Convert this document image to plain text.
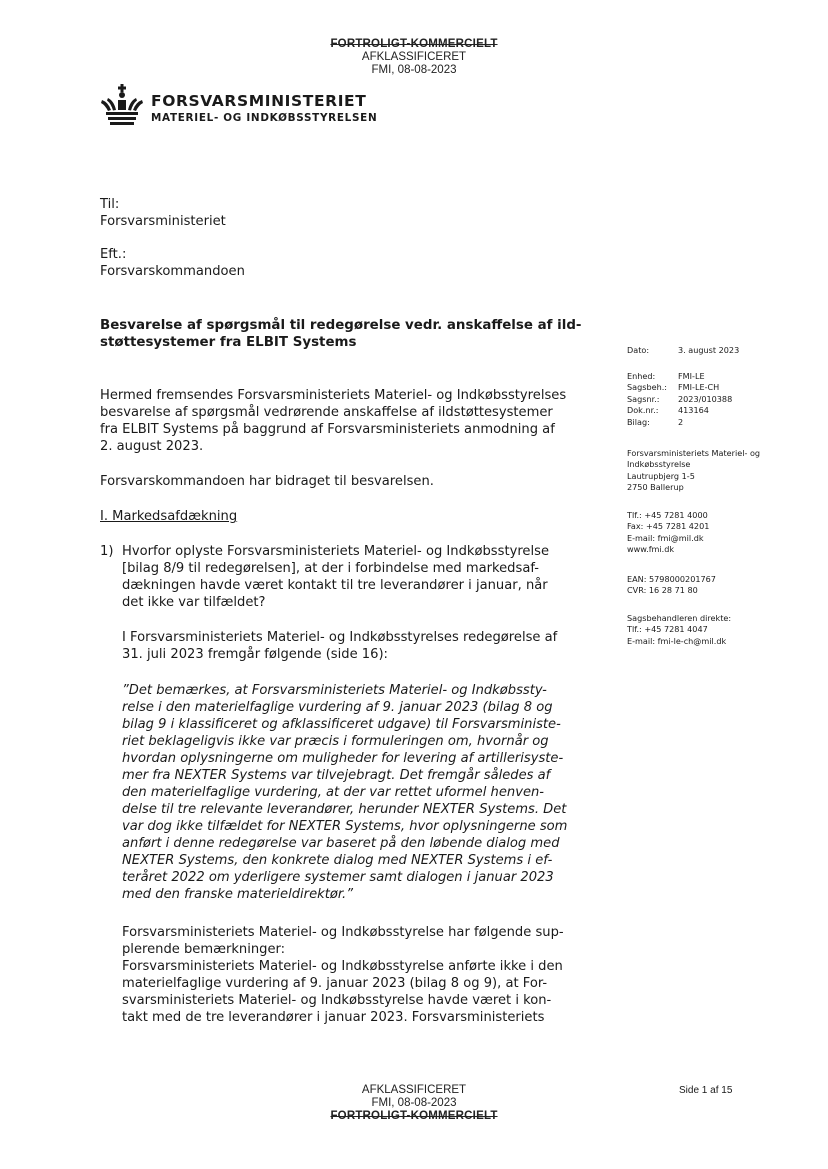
FORTROLIGT-KOMMERCIELT
AFKLASSIFICERET
FMI, 08-08-2023
FORSVARSMINISTERIET
MATERIEL- OG INDKØBSSTYRELSEN
Til:
Forsvarsministeriet
Eft.:
Forsvarskommandoen
Besvarelse af spørgsmål til redegørelse vedr. anskaffelse af ild-
støttesystemer fra ELBIT Systems
Hermed fremsendes Forsvarsministeriets Materiel- og Indkøbsstyrelses
besvarelse af spørgsmål vedrørende anskaffelse af ildstøttesystemer
fra ELBIT Systems på baggrund af Forsvarsministeriets anmodning af
2. august 2023.
Forsvarskommandoen har bidraget til besvarelsen.
I. Markedsafdækning
1) Hvorfor oplyste Forsvarsministeriets Materiel- og Indkøbsstyrelse
[bilag 8/9 til redegørelsen], at der i forbindelse med markedsaf-
dækningen havde været kontakt til tre leverandører i januar, når
det ikke var tilfældet?
I Forsvarsministeriets Materiel- og Indkøbsstyrelses redegørelse af
31. juli 2023 fremgår følgende (side 16):
”Det bemærkes, at Forsvarsministeriets Materiel- og Indkøbssty-
relse i den materielfaglige vurdering af 9. januar 2023 (bilag 8 og
bilag 9 i klassificeret og afklassificeret udgave) til Forsvarsministe-
riet beklageligvis ikke var præcis i formuleringen om, hvornår og
hvordan oplysningerne om muligheder for levering af artillerisyste-
mer fra NEXTER Systems var tilvejebragt. Det fremgår således af
den materielfaglige vurdering, at der var rettet uformel henven-
delse til tre relevante leverandører, herunder NEXTER Systems. Det
var dog ikke tilfældet for NEXTER Systems, hvor oplysningerne som
anført i denne redegørelse var baseret på den løbende dialog med
NEXTER Systems, den konkrete dialog med NEXTER Systems i ef-
teråret 2022 om yderligere systemer samt dialogen i januar 2023
med den franske materieldirektør.”
Forsvarsministeriets Materiel- og Indkøbsstyrelse har følgende sup-
plerende bemærkninger:
Forsvarsministeriets Materiel- og Indkøbsstyrelse anførte ikke i den
materielfaglige vurdering af 9. januar 2023 (bilag 8 og 9), at For-
svarsministeriets Materiel- og Indkøbsstyrelse havde været i kon-
takt med de tre leverandører i januar 2023. Forsvarsministeriets
Dato:	3. august 2023
Enhed:	FMI-LE
Sagsbeh.:	FMI-LE-CH
Sagsnr.:	2023/010388
Dok.nr.:	413164
Bilag:	2
Forsvarsministeriets Materiel- og
Indkøbsstyrelse
Lautrupbjerg 1-5
2750 Ballerup
Tlf.: +45 7281 4000
Fax: +45 7281 4201
E-mail: fmi@mil.dk
www.fmi.dk
EAN: 5798000201767
CVR: 16 28 71 80
Sagsbehandleren direkte:
Tlf.: +45 7281 4047
E-mail: fmi-le-ch@mil.dk
AFKLASSIFICERET
FMI, 08-08-2023
FORTROLIGT-KOMMERCIELT
Side 1 af 15
